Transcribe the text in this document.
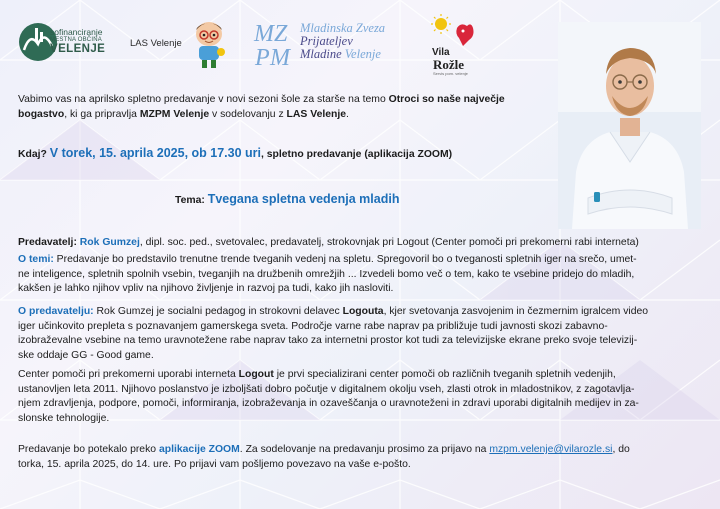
sofinanciranje
MESTNA OBČINA
VELENJE	LAS Velenje	M Z
P M
Mladinska Zveza
Prijateljev
Mladine Velenje	Vila
Rožle
Servis pom. velenje

Vabimo vas na aprilsko spletno predavanje v novi sezoni šole za starše na temo Otroci so naše največje bogastvo, ki ga pripravlja MZPM Velenje v sodelovanju z LAS Velenje.

Kdaj? V torek, 15. aprila 2025, ob 17.30 uri, spletno predavanje (aplikacija ZOOM)

Tema: Tvegana spletna vedenja mladih

Predavatelj: Rok Gumzej, dipl. soc. ped., svetovalec, predavatelj, strokovnjak pri Logout (Center pomoči pri prekomerni rabi interneta)

O temi: Predavanje bo predstavilo trenutne trende tveganih vedenj na spletu. Spregovoril bo o tveganosti spletnih iger na srečo, umet-
ne inteligence, spletnih spolnih vsebin, tveganjih na družbenih omrežjih ... Izvedeli bomo več o tem, kako te vsebine pridejo do mladih,
kakšen je lahko njihov vpliv na njihovo življenje in razvoj pa tudi, kako jih nasloviti.

O predavatelju: Rok Gumzej je socialni pedagog in strokovni delavec Logouta, kjer svetovanja zasvojenim in čezmernim igralcem video
iger učinkovito prepleta s poznavanjem gamerskega sveta. Področje varne rabe naprav pa približuje tudi javnosti skozi zabavno-
izobraževalne vsebine na temo uravnotežene rabe naprav tako za internetni prostor kot tudi za televizijske ekrane preko svoje televizij-
ske oddaje GG - Good game.

Center pomoči pri prekomerni uporabi interneta Logout je prvi specializirani center pomoči ob različnih tveganih spletnih vedenjih,
ustanovljen leta 2011. Njihovo poslanstvo je izboljšati dobro počutje v digitalnem okolju vseh, zlasti otrok in mladostnikov, z zagotavlja-
njem zdravljenja, podpore, pomoči, informiranja, izobraževanja in ozaveščanja o uravnoteženi in zdravi uporabi digitalnih medijev in za-
slonske tehnologije.

Predavanje bo potekalo preko aplikacije ZOOM. Za sodelovanje na predavanju prosimo za prijavo na mzpm.velenje@vilarozle.si, do
torka, 15. aprila 2025, do 14. ure. Po prijavi vam pošljemo povezavo na vaše e-pošto.
